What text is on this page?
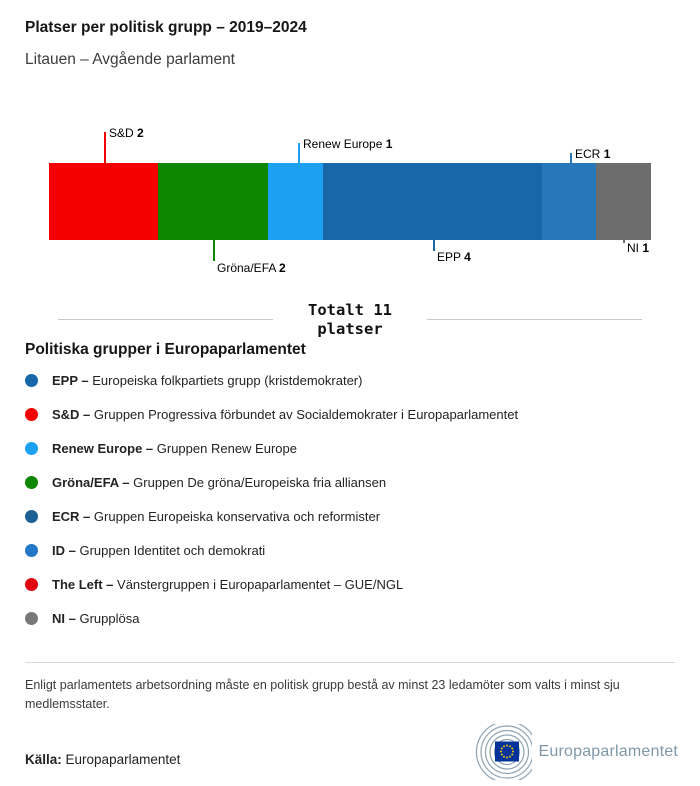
Platser per politisk grupp – 2019–2024
Litauen – Avgående parlament
S&D 2
Renew Europe 1
ECR 1
Gröna/EFA 2
EPP 4
NI 1
Totalt 11
platser
Politiska grupper i Europaparlamentet
EPP – Europeiska folkpartiets grupp (kristdemokrater)
S&D – Gruppen Progressiva förbundet av Socialdemokrater i Europaparlamentet
Renew Europe – Gruppen Renew Europe
Gröna/EFA – Gruppen De gröna/Europeiska fria alliansen
ECR – Gruppen Europeiska konservativa och reformister
ID – Gruppen Identitet och demokrati
The Left – Vänstergruppen i Europaparlamentet – GUE/NGL
NI – Grupplösa
Enligt parlamentets arbetsordning måste en politisk grupp bestå av minst 23 ledamöter som valts i minst sju medlemsstater.
Källa: Europaparlamentet	Europaparlamentet
